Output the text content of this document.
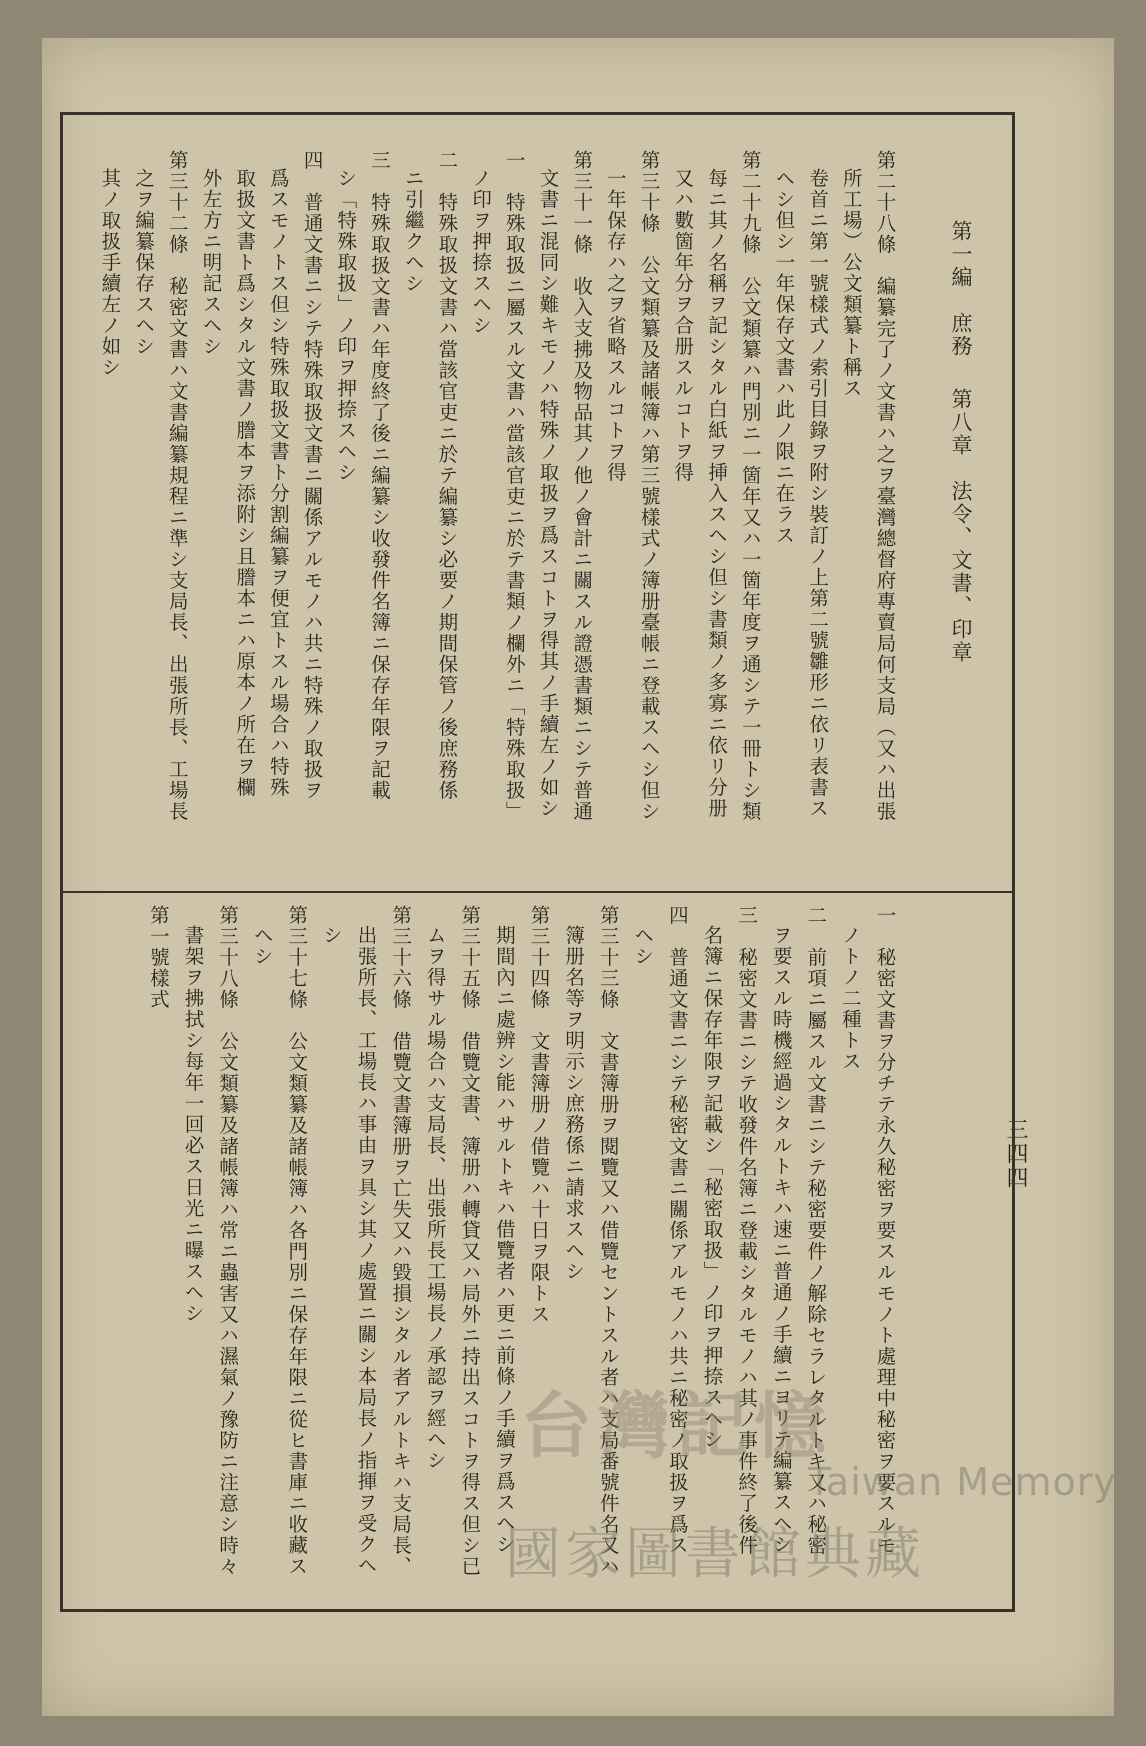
第一編　庶務
第八章　法令、文書、印章
三四四
第二十八條　編纂完了ノ文書ハ之ヲ臺灣總督府專賣局何支局（又ハ出張
所工場）公文類纂ト稱ス
卷首ニ第一號樣式ノ索引目錄ヲ附シ裝訂ノ上第二號雛形ニ依リ表書ス
ヘシ但シ一年保存文書ハ此ノ限ニ在ラス
第二十九條　公文類纂ハ門別ニ一箇年又ハ一箇年度ヲ通シテ一冊トシ類
每ニ其ノ名稱ヲ記シタル白紙ヲ挿入スヘシ但シ書類ノ多寡ニ依リ分册
又ハ數箇年分ヲ合册スルコトヲ得
第三十條　公文類纂及諸帳簿ハ第三號樣式ノ簿册臺帳ニ登載スヘシ但シ
一年保存ハ之ヲ省略スルコトヲ得
第三十一條　收入支拂及物品其ノ他ノ會計ニ關スル證憑書類ニシテ普通
文書ニ混同シ難キモノハ特殊ノ取扱ヲ爲スコトヲ得其ノ手續左ノ如シ
一　特殊取扱ニ屬スル文書ハ當該官吏ニ於テ書類ノ欄外ニ「特殊取扱」
ノ印ヲ押捺スヘシ
二　特殊取扱文書ハ當該官吏ニ於テ編纂シ必要ノ期間保管ノ後庶務係
ニ引繼クヘシ
三　特殊取扱文書ハ年度終了後ニ編纂シ收發件名簿ニ保存年限ヲ記載
シ「特殊取扱」ノ印ヲ押捺スヘシ
四　普通文書ニシテ特殊取扱文書ニ關係アルモノハ共ニ特殊ノ取扱ヲ
爲スモノトス但シ特殊取扱文書ト分割編纂ヲ便宜トスル場合ハ特殊
取扱文書ト爲シタル文書ノ謄本ヲ添附シ且謄本ニハ原本ノ所在ヲ欄
外左方ニ明記スヘシ
第三十二條　秘密文書ハ文書編纂規程ニ準シ支局長、出張所長、工場長
之ヲ編纂保存スヘシ
其ノ取扱手續左ノ如シ
一　秘密文書ヲ分チテ永久秘密ヲ要スルモノト處理中秘密ヲ要スルモ
ノトノ二種トス
二　前項ニ屬スル文書ニシテ秘密要件ノ解除セラレタルトキ又ハ秘密
ヲ要スル時機經過シタルトキハ速ニ普通ノ手續ニヨリテ編纂スヘシ
三　秘密文書ニシテ收發件名簿ニ登載シタルモノハ其ノ事件終了後件
名簿ニ保存年限ヲ記載シ「秘密取扱」ノ印ヲ押捺スヘシ
四　普通文書ニシテ秘密文書ニ關係アルモノハ共ニ秘密ノ取扱ヲ爲ス
ヘシ
第三十三條　文書簿册ヲ閱覽又ハ借覽セントスル者ハ支局番號件名又ハ
簿册名等ヲ明示シ庶務係ニ請求スヘシ
第三十四條　文書簿册ノ借覽ハ十日ヲ限トス
期間內ニ處辨シ能ハサルトキハ借覽者ハ更ニ前條ノ手續ヲ爲スヘシ
第三十五條　借覽文書、簿册ハ轉貸又ハ局外ニ持出スコトヲ得ス但シ已
ムヲ得サル場合ハ支局長、出張所長工場長ノ承認ヲ經ヘシ
第三十六條　借覽文書簿册ヲ亡失又ハ毀損シタル者アルトキハ支局長、
出張所長、工場長ハ事由ヲ具シ其ノ處置ニ關シ本局長ノ指揮ヲ受クヘ
シ
第三十七條　公文類纂及諸帳簿ハ各門別ニ保存年限ニ從ヒ書庫ニ收藏ス
ヘシ
第三十八條　公文類纂及諸帳簿ハ常ニ蟲害又ハ濕氣ノ豫防ニ注意シ時々
書架ヲ拂拭シ每年一回必ス日光ニ曝スヘシ
第一號樣式
台灣記憶
Taiwan Memory
國家圖書館典藏
